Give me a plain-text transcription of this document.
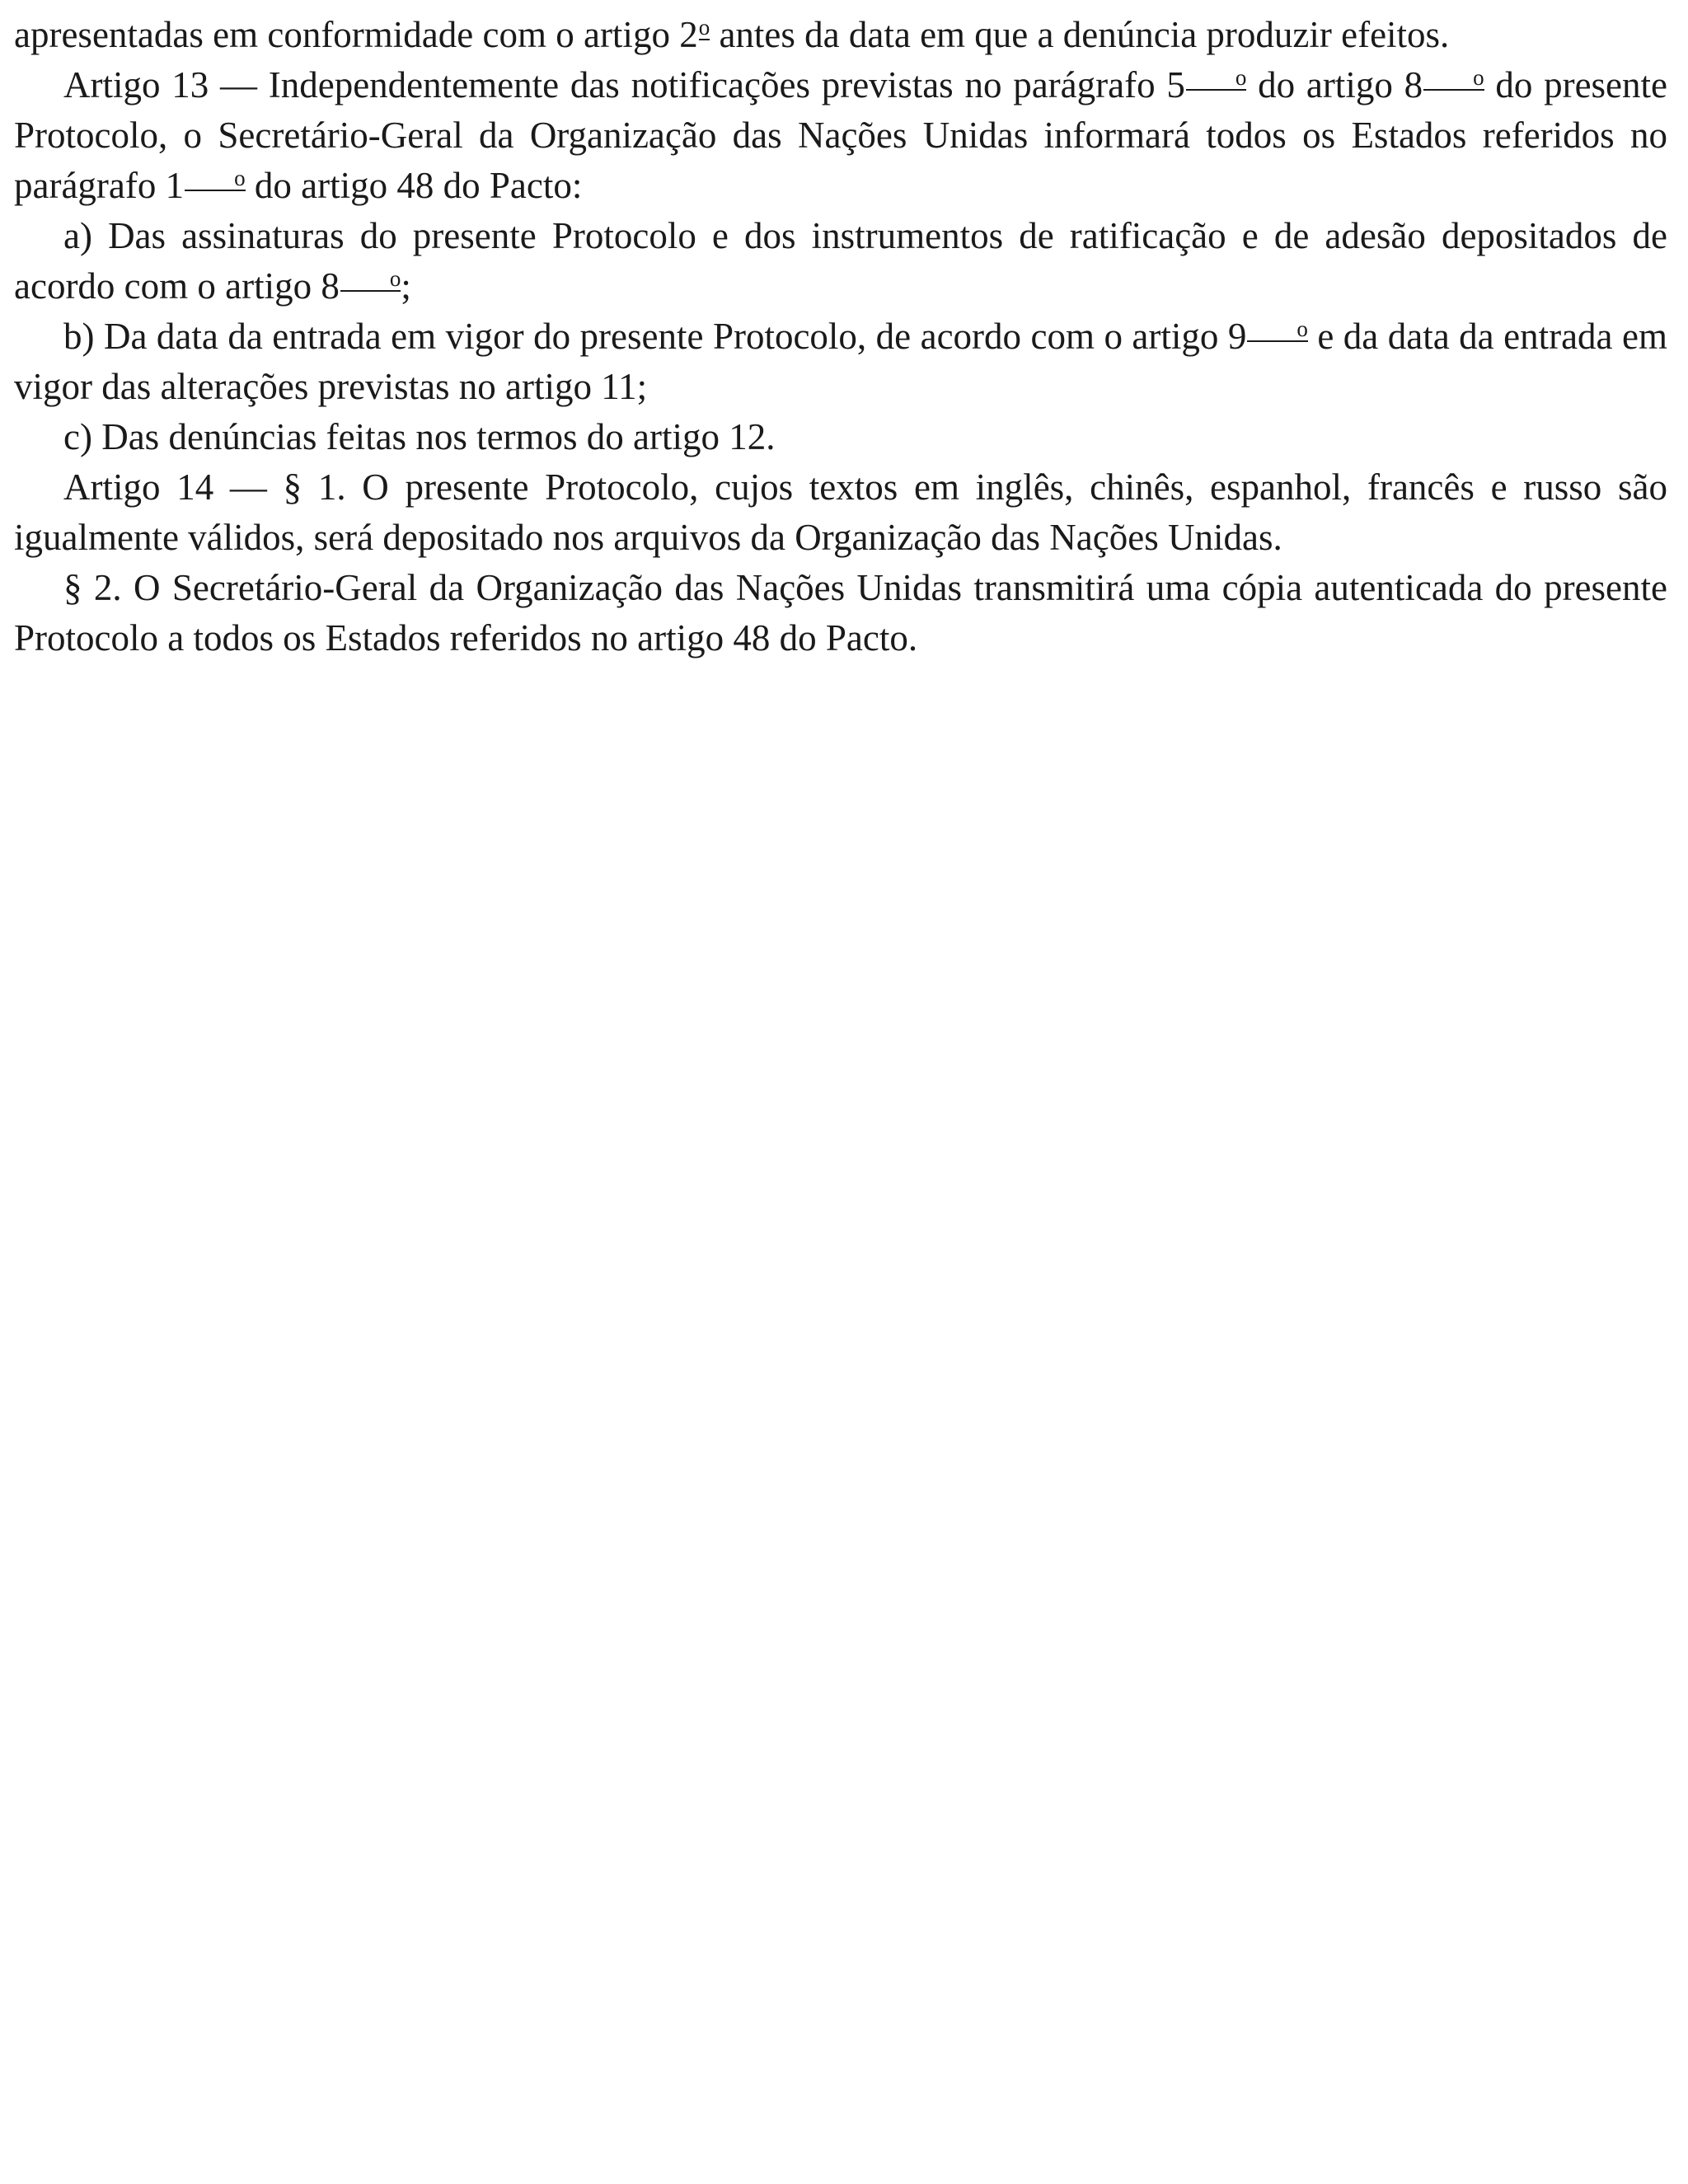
apresentadas em conformidade com o artigo 2o antes da data em que a denúncia produzir efeitos.

Artigo 13 — Independentemente das notificações previstas no parágrafo 5 o do artigo 8 o do presente Protocolo, o Secretário-Geral da Organização das Nações Unidas informará todos os Estados referidos no parágrafo 1 o do artigo 48 do Pacto:

a) Das assinaturas do presente Protocolo e dos instrumentos de ratificação e de adesão depositados de acordo com o artigo 8 o;

b) Da data da entrada em vigor do presente Protocolo, de acordo com o artigo 9 o e da data da entrada em vigor das alterações previstas no artigo 11;

c) Das denúncias feitas nos termos do artigo 12.

Artigo 14 — § 1. O presente Protocolo, cujos textos em inglês, chinês, espanhol, francês e russo são igualmente válidos, será depositado nos arquivos da Organização das Nações Unidas.

§ 2. O Secretário-Geral da Organização das Nações Unidas transmitirá uma cópia autenticada do presente Protocolo a todos os Estados referidos no artigo 48 do Pacto.
